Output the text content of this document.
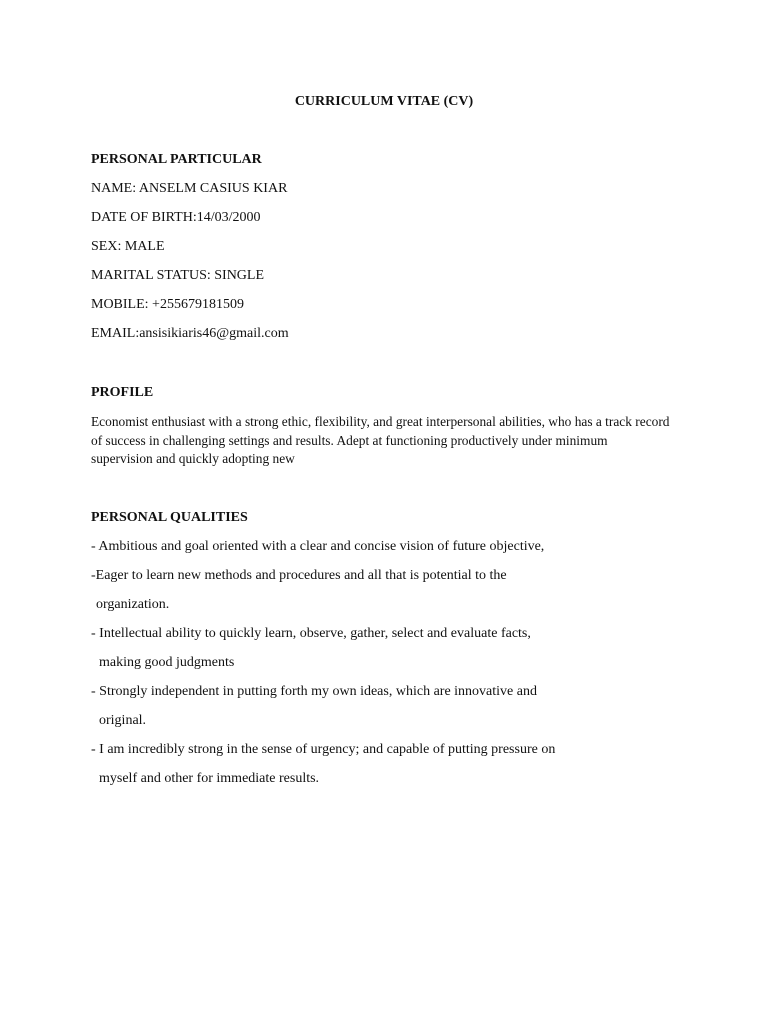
CURRICULUM VITAE (CV)
PERSONAL PARTICULAR
NAME: ANSELM CASIUS KIAR
DATE OF BIRTH:14/03/2000
SEX: MALE
MARITAL STATUS: SINGLE
MOBILE: +255679181509
EMAIL:ansisikiaris46@gmail.com
PROFILE
Economist enthusiast with a strong ethic, flexibility, and great interpersonal abilities, who has a track record of success in challenging settings and results. Adept at functioning productively under minimum supervision and quickly adopting new
PERSONAL QUALITIES
- Ambitious and goal oriented with a clear and concise vision of future objective,
-Eager to learn new methods and procedures and all that is potential to the
organization.
- Intellectual ability to quickly learn, observe, gather, select and evaluate facts,
making good judgments
- Strongly independent in putting forth my own ideas, which are innovative and
original.
- I am incredibly strong in the sense of urgency; and capable of putting pressure on
myself and other for immediate results.
